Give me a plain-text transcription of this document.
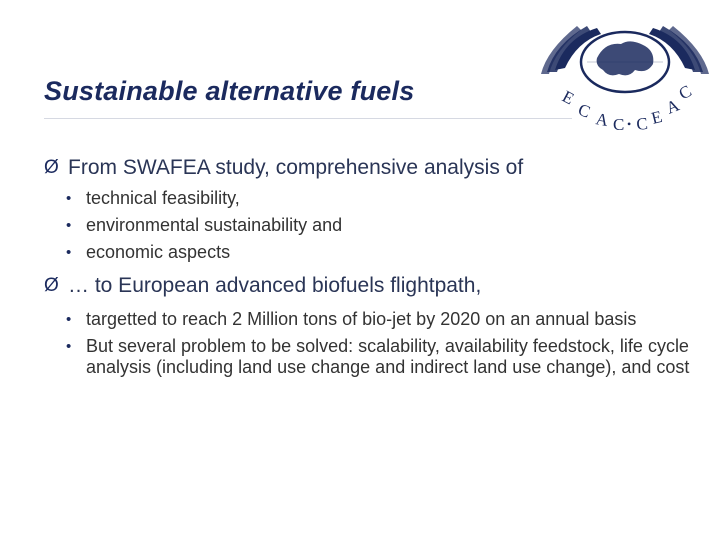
Sustainable alternative fuels	E
C A C • C E A
C
Ø From SWAFEA study, comprehensive analysis of
• technical feasibility,
• environmental sustainability and
• economic aspects
Ø … to European advanced biofuels flightpath,
• targetted to reach 2 Million tons of bio-jet by 2020 on an annual basis
• But several problem to be solved: scalability, availability feedstock, life cycle analysis (including land use change and indirect land use change), and cost
